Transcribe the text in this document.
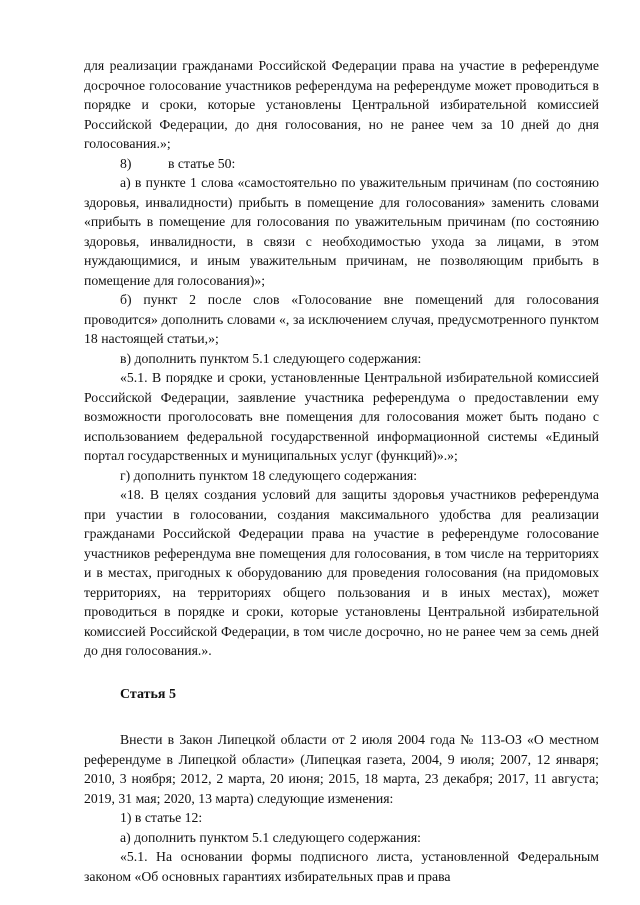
для реализации гражданами Российской Федерации права на участие в референдуме досрочное голосование участников референдума на референдуме может проводиться в порядке и сроки, которые установлены Центральной избирательной комиссией Российской Федерации, до дня голосования, но не ранее чем за 10 дней до дня голосования.»;

8)	в статье 50:

а) в пункте 1 слова «самостоятельно по уважительным причинам (по состоянию здоровья, инвалидности) прибыть в помещение для голосования» заменить словами «прибыть в помещение для голосования по уважительным причинам (по состоянию здоровья, инвалидности, в связи с необходимостью ухода за лицами, в этом нуждающимися, и иным уважительным причинам, не позволяющим прибыть в помещение для голосования)»;

б) пункт 2 после слов «Голосование вне помещений для голосования проводится» дополнить словами «, за исключением случая, предусмотренного пунктом 18 настоящей статьи,»;

в) дополнить пунктом 5.1 следующего содержания:

«5.1. В порядке и сроки, установленные Центральной избирательной комиссией Российской Федерации, заявление участника референдума о предоставлении ему возможности проголосовать вне помещения для голосования может быть подано с использованием федеральной государственной информационной системы «Единый портал государственных и муниципальных услуг (функций)».»;

г) дополнить пунктом 18 следующего содержания:

«18. В целях создания условий для защиты здоровья участников референдума при участии в голосовании, создания максимального удобства для реализации гражданами Российской Федерации права на участие в референдуме голосование участников референдума вне помещения для голосования, в том числе на территориях и в местах, пригодных к оборудованию для проведения голосования (на придомовых территориях, на территориях общего пользования и в иных местах), может проводиться в порядке и сроки, которые установлены Центральной избирательной комиссией Российской Федерации, в том числе досрочно, но не ранее чем за семь дней до дня голосования.».

Статья 5

Внести в Закон Липецкой области от 2 июля 2004 года № 113-ОЗ «О местном референдуме в Липецкой области» (Липецкая газета, 2004, 9 июля; 2007, 12 января; 2010, 3 ноября; 2012, 2 марта, 20 июня; 2015, 18 марта, 23 декабря; 2017, 11 августа; 2019, 31 мая; 2020, 13 марта) следующие изменения:

1) в статье 12:

а) дополнить пунктом 5.1 следующего содержания:

«5.1. На основании формы подписного листа, установленной Федеральным законом «Об основных гарантиях избирательных прав и права
